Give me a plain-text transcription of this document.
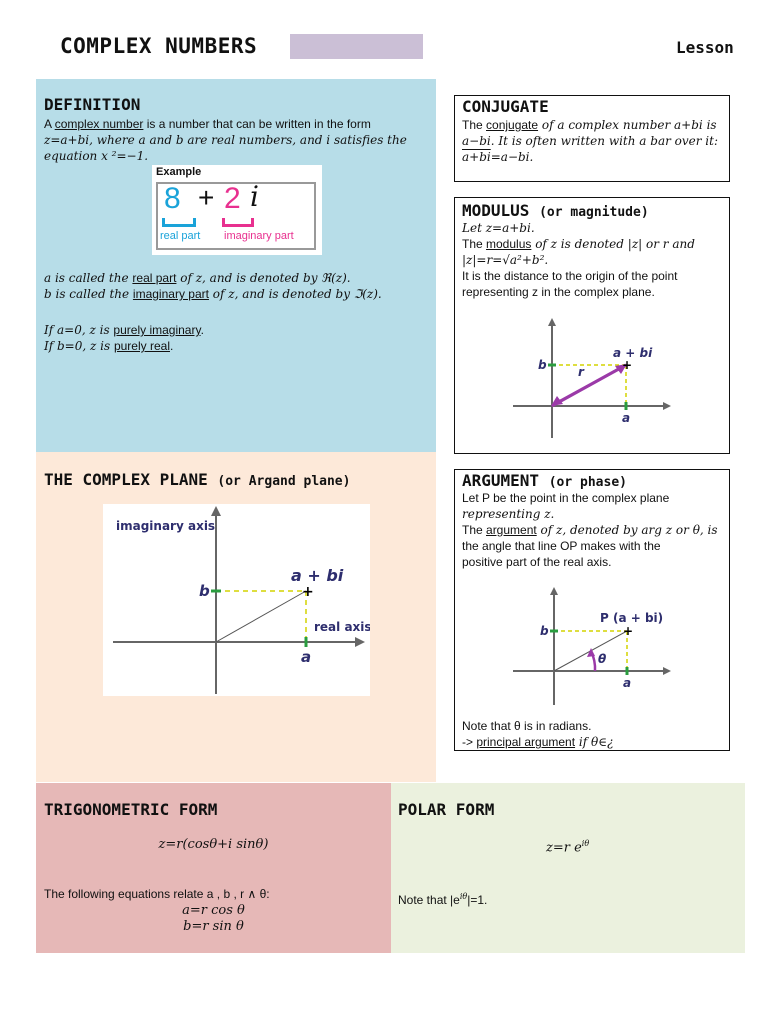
COMPLEX NUMBERS	Lesson
DEFINITION
A complex number is a number that can be written in the form
z=a+bi, where a and b are real numbers, and i satisfies the
equation x ²=−1.
Example
8 + 2 i
real part imaginary part
a is called the real part of z, and is denoted by ℜ(z).
b is called the imaginary part of z, and is denoted by ℑ(z).
If a=0, z is purely imaginary.
If b=0, z is purely real.
THE COMPLEX PLANE (or Argand plane)
+
imaginary axis
real axis
a + bi
b
a
CONJUGATE
The conjugate of a complex number a+bi is
a−bi. It is often written with a bar over it:
a+bi=a−bi.
MODULUS (or magnitude)
Let z=a+bi.
The modulus of z is denoted |z| or r and
|z|=r=√a²+b².
It is the distance to the origin of the point
representing z in the complex plane.
+
a + bi
b
a
r
ARGUMENT (or phase)
Let P be the point in the complex plane
representing z.
The argument of z, denoted by arg z or θ, is
the angle that line OP makes with the
positive part of the real axis.
+
P (a + bi)
b
a
θ
Note that θ is in radians.
-> principal argument if θ∈¿
TRIGONOMETRIC FORM
z=r(cosθ+i sinθ)
The following equations relate a , b , r ∧ θ:
a=r cos θ
b=r sin θ
POLAR FORM
z=r $e^{i\theta}$
Note that $|e^{i\theta}|=1$.
